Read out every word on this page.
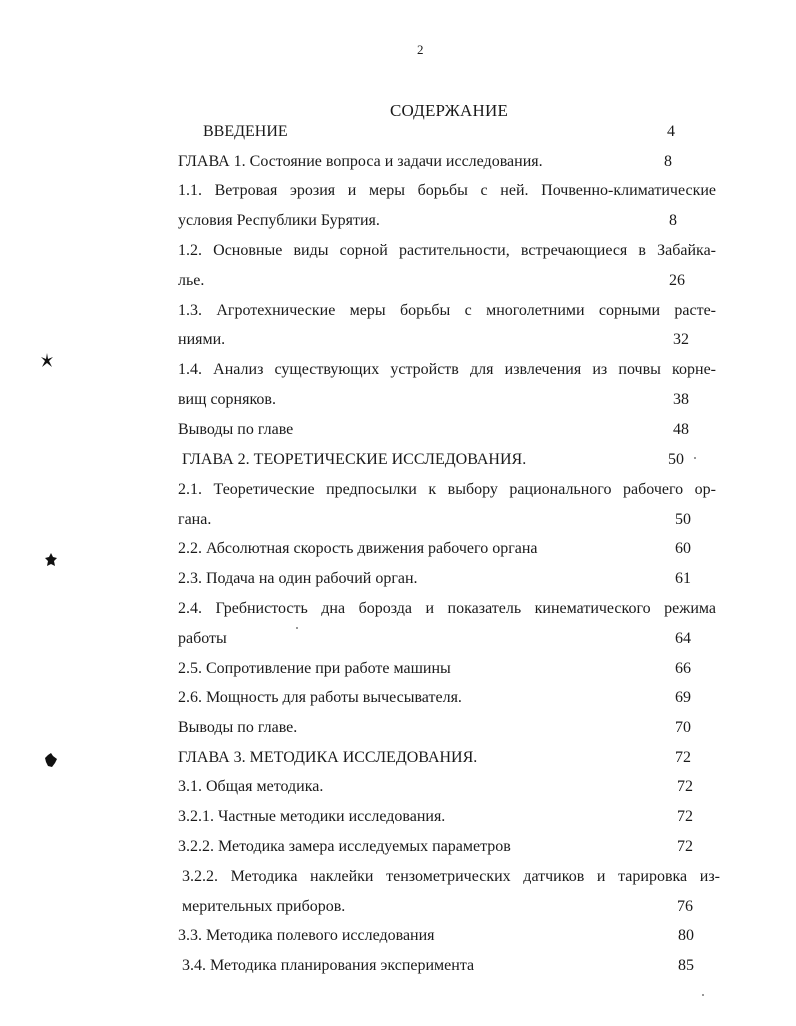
2
СОДЕРЖАНИЕ
ВВЕДЕНИЕ	4
ГЛАВА 1. Состояние вопроса и задачи исследования.	8
1.1. Ветровая эрозия и меры борьбы с ней. Почвенно-климатические
условия Республики Бурятия.	8
1.2. Основные виды сорной растительности, встречающиеся в Забайка-
лье.	26
1.3. Агротехнические меры борьбы с многолетними сорными расте-
ниями.	32
1.4. Анализ существующих устройств для извлечения из почвы корне-
вищ сорняков.	38
Выводы по главе	48
ГЛАВА 2. ТЕОРЕТИЧЕСКИЕ ИССЛЕДОВАНИЯ.	50
2.1. Теоретические предпосылки к выбору рационального рабочего ор-
гана.	50
2.2. Абсолютная скорость движения рабочего органа	60
2.3. Подача на один рабочий орган.	61
2.4. Гребнистость дна борозда и показатель кинематического режима
работы	64
2.5. Сопротивление при работе машины	66
2.6. Мощность для работы вычесывателя.	69
Выводы по главе.	70
ГЛАВА 3. МЕТОДИКА ИССЛЕДОВАНИЯ.	72
3.1. Общая методика.	72
3.2.1. Частные методики исследования.	72
3.2.2. Методика замера исследуемых параметров	72
3.2.2. Методика наклейки тензометрических датчиков и тарировка из-
мерительных приборов.	76
3.3. Методика полевого исследования	80
3.4. Методика планирования эксперимента	85
